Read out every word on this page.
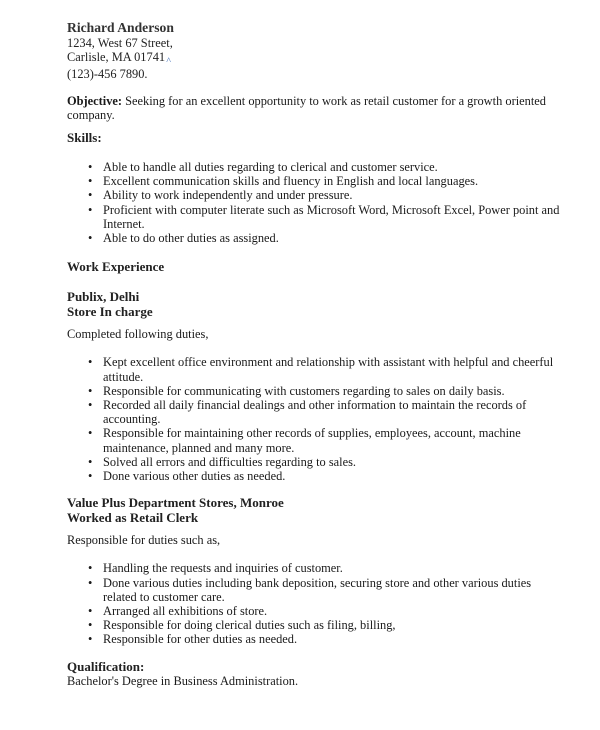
Richard Anderson
1234, West 67 Street,
Carlisle, MA 01741˄
(123)-456 7890.
Objective: Seeking for an excellent opportunity to work as retail customer for a growth oriented company.
Skills:
• Able to handle all duties regarding to clerical and customer service.
• Excellent communication skills and fluency in English and local languages.
• Ability to work independently and under pressure.
• Proficient with computer literate such as Microsoft Word, Microsoft Excel, Power point and Internet.
• Able to do other duties as assigned.
Work Experience
Publix, Delhi
Store In charge
Completed following duties,
• Kept excellent office environment and relationship with assistant with helpful and cheerful attitude.
• Responsible for communicating with customers regarding to sales on daily basis.
• Recorded all daily financial dealings and other information to maintain the records of accounting.
• Responsible for maintaining other records of supplies, employees, account, machine maintenance, planned and many more.
• Solved all errors and difficulties regarding to sales.
• Done various other duties as needed.
Value Plus Department Stores, Monroe
Worked as Retail Clerk
Responsible for duties such as,
• Handling the requests and inquiries of customer.
• Done various duties including bank deposition, securing store and other various duties related to customer care.
• Arranged all exhibitions of store.
• Responsible for doing clerical duties such as filing, billing,
• Responsible for other duties as needed.
Qualification:
Bachelor's Degree in Business Administration.
